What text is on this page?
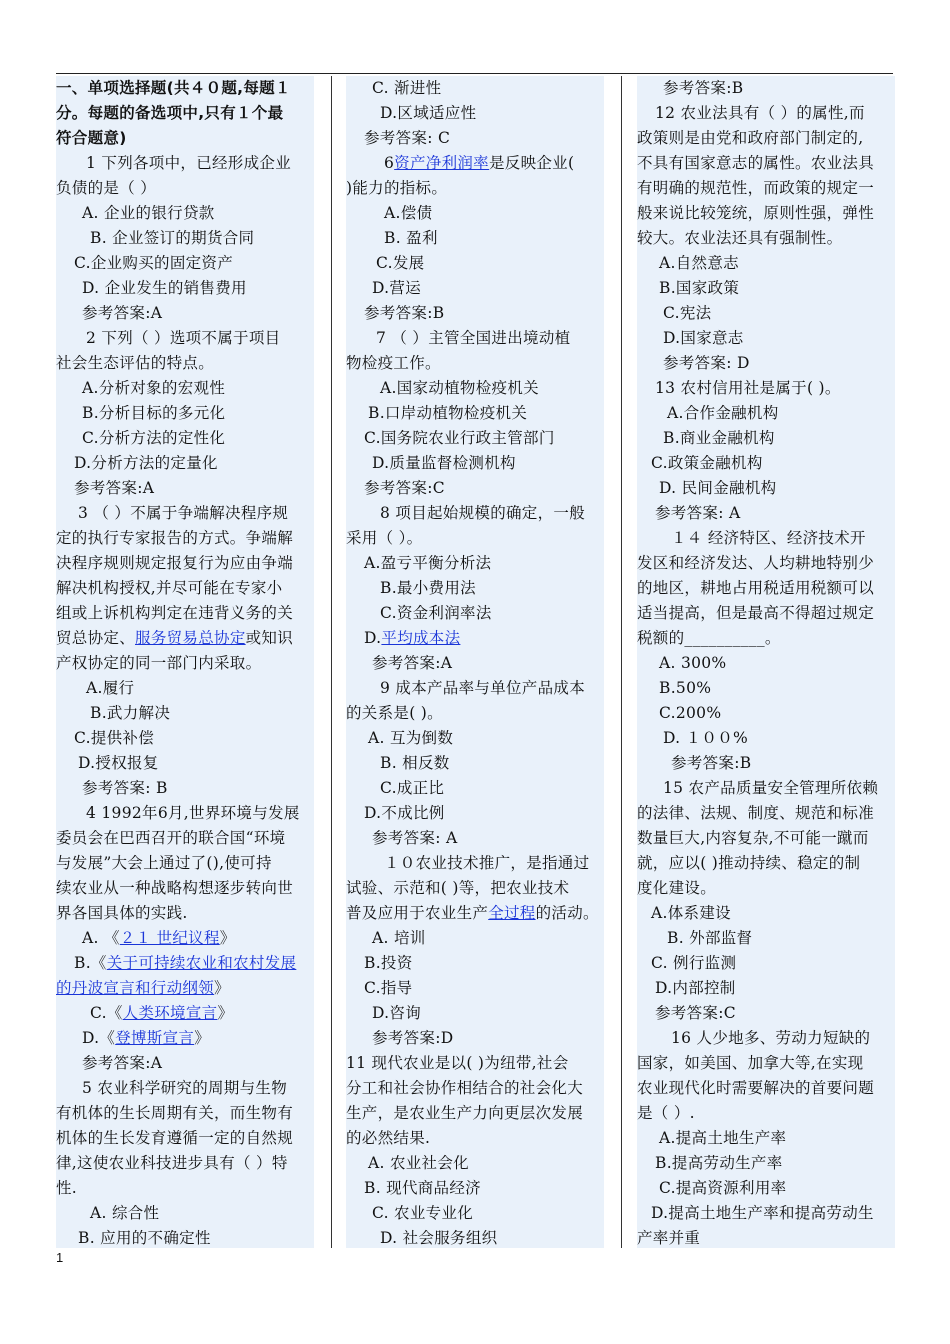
一、单项选择题(共４０题,每题１
分。每题的备选项中,只有１个最
符合题意)
1 下列各项中，已经形成企业
负债的是（ ）
A. 企业的银行贷款
B. 企业签订的期货合同
C.企业购买的固定资产
D. 企业发生的销售费用
参考答案:A
2 下列（ ）选项不属于项目
社会生态评估的特点。
A.分析对象的宏观性
B.分析目标的多元化
C.分析方法的定性化
D.分析方法的定量化
参考答案:A
3 （ ）不属于争端解决程序规
定的执行专家报告的方式。争端解
决程序规则规定报复行为应由争端
解决机构授权,并尽可能在专家小
组或上诉机构判定在违背义务的关
贸总协定、服务贸易总协定或知识
产权协定的同一部门内采取。
A.履行
B.武力解决
C.提供补偿
D.授权报复
参考答案: B
4 1992年6月,世界环境与发展
委员会在巴西召开的联合国“环境
与发展”大会上通过了(),使可持
续农业从一种战略构想逐步转向世
界各国具体的实践.
A. 《２１ 世纪议程》
B.《关于可持续农业和农村发展
的丹波宣言和行动纲领》
C.《人类环境宣言》
D.《登博斯宣言》
参考答案:A
5 农业科学研究的周期与生物
有机体的生长周期有关，而生物有
机体的生长发育遵循一定的自然规
律,这使农业科技进步具有（ ）特
性.
A. 综合性
B. 应用的不确定性
C. 渐进性
D.区域适应性
参考答案: C
6资产净利润率是反映企业(
)能力的指标。
A.偿债
B. 盈利
C.发展
D.营运
参考答案:B
7 （ ）主管全国进出境动植
物检疫工作。
A.国家动植物检疫机关
B.口岸动植物检疫机关
C.国务院农业行政主管部门
D.质量监督检测机构
参考答案:C
8 项目起始规模的确定，一般
采用（ ）。
A.盈亏平衡分析法
B.最小费用法
C.资金利润率法
D.平均成本法
参考答案:A
9 成本产品率与单位产品成本
的关系是( )。
A. 互为倒数
B. 相反数
C.成正比
D.不成比例
参考答案: A
１０农业技术推广，是指通过
试验、示范和( )等，把农业技术
普及应用于农业生产全过程的活动。
A. 培训
B.投资
C.指导
D.咨询
参考答案:D
11 现代农业是以( )为纽带,社会
分工和社会协作相结合的社会化大
生产，是农业生产力向更层次发展
的必然结果.
A. 农业社会化
B. 现代商品经济
C. 农业专业化
D. 社会服务组织
参考答案:B
12 农业法具有（ ）的属性,而
政策则是由党和政府部门制定的,
不具有国家意志的属性。农业法具
有明确的规范性，而政策的规定一
般来说比较笼统，原则性强，弹性
较大。农业法还具有强制性。
A.自然意志
B.国家政策
C.宪法
D.国家意志
参考答案: D
13 农村信用社是属于( )。
A.合作金融机构
B.商业金融机构
C.政策金融机构
D. 民间金融机构
参考答案: A
１４ 经济特区、经济技术开
发区和经济发达、人均耕地特别少
的地区，耕地占用税适用税额可以
适当提高，但是最高不得超过规定
税额的__________。
A. 300%
B.50%
C.200%
D. １００%
参考答案:B
15 农产品质量安全管理所依赖
的法律、法规、制度、规范和标准
数量巨大,内容复杂,不可能一蹴而
就，应以( )推动持续、稳定的制
度化建设。
A.体系建设
B. 外部监督
C. 例行监测
D.内部控制
参考答案:C
16 人少地多、劳动力短缺的
国家，如美国、加拿大等,在实现
农业现代化时需要解决的首要问题
是（ ）.
A.提高土地生产率
B.提高劳动生产率
C.提高资源利用率
D.提高土地生产率和提高劳动生
产率并重
1
